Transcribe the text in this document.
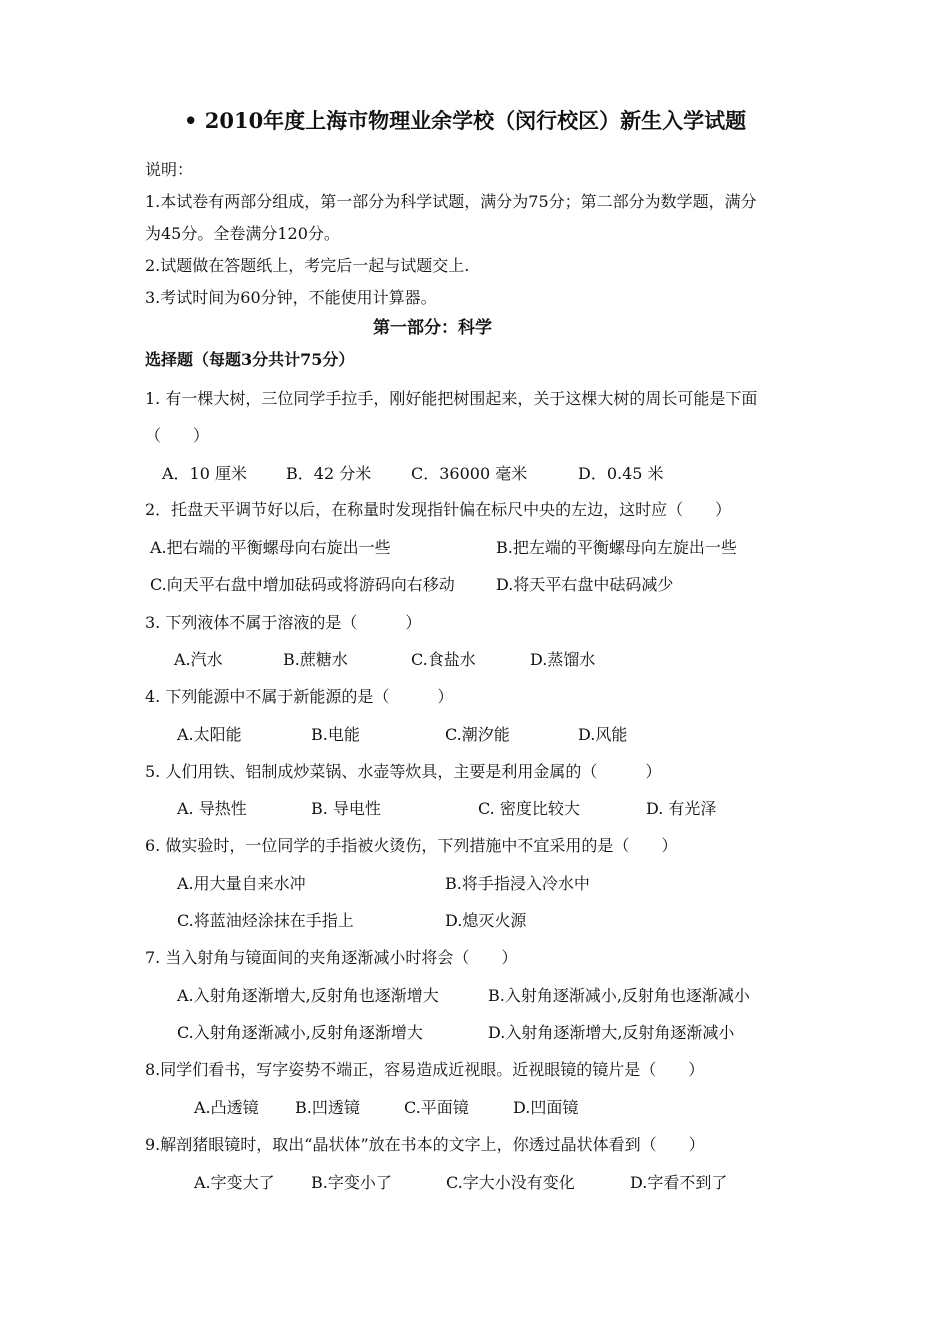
• 2010年度上海市物理业余学校（闵行校区）新生入学试题
说明：
1.本试卷有两部分组成，第一部分为科学试题，满分为75分；第二部分为数学题，满分
为45分。全卷满分120分。
2.试题做在答题纸上，考完后一起与试题交上.
3.考试时间为60分钟，不能使用计算器。
第一部分：科学
选择题（每题3分共计75分）
1. 有一棵大树，三位同学手拉手，刚好能把树围起来，关于这棵大树的周长可能是下面
（　　）
A．10 厘米 B．42 分米 C．36000 毫米	D．0.45 米
2．托盘天平调节好以后，在称量时发现指针偏在标尺中央的左边，这时应（　　）
A.把右端的平衡螺母向右旋出一些	B.把左端的平衡螺母向左旋出一些
C.向天平右盘中增加砝码或将游码向右移动	D.将天平右盘中砝码减少
3. 下列液体不属于溶液的是（　　　）
A.汽水	B.蔗糖水	C.食盐水	D.蒸馏水
4. 下列能源中不属于新能源的是（　　　）
A.太阳能	B.电能	C.潮汐能	D.风能
5. 人们用铁、铝制成炒菜锅、水壶等炊具，主要是利用金属的（　　　）
A. 导热性	B. 导电性	C. 密度比较大	D. 有光泽
6. 做实验时，一位同学的手指被火烫伤，下列措施中不宜采用的是（　　）
A.用大量自来水冲	B.将手指浸入冷水中
C.将蓝油烃涂抹在手指上	D.熄灭火源
7. 当入射角与镜面间的夹角逐渐减小时将会（　　）
A.入射角逐渐增大,反射角也逐渐增大	B.入射角逐渐减小,反射角也逐渐减小
C.入射角逐渐减小,反射角逐渐增大	D.入射角逐渐增大,反射角逐渐减小
8.同学们看书，写字姿势不端正，容易造成近视眼。近视眼镜的镜片是（　　）
A.凸透镜 B.凹透镜	C.平面镜	D.凹面镜
9.解剖猪眼镜时，取出“晶状体”放在书本的文字上，你透过晶状体看到（　　）
A.字变大了 B.字变小了	C.字大小没有变化	D.字看不到了
